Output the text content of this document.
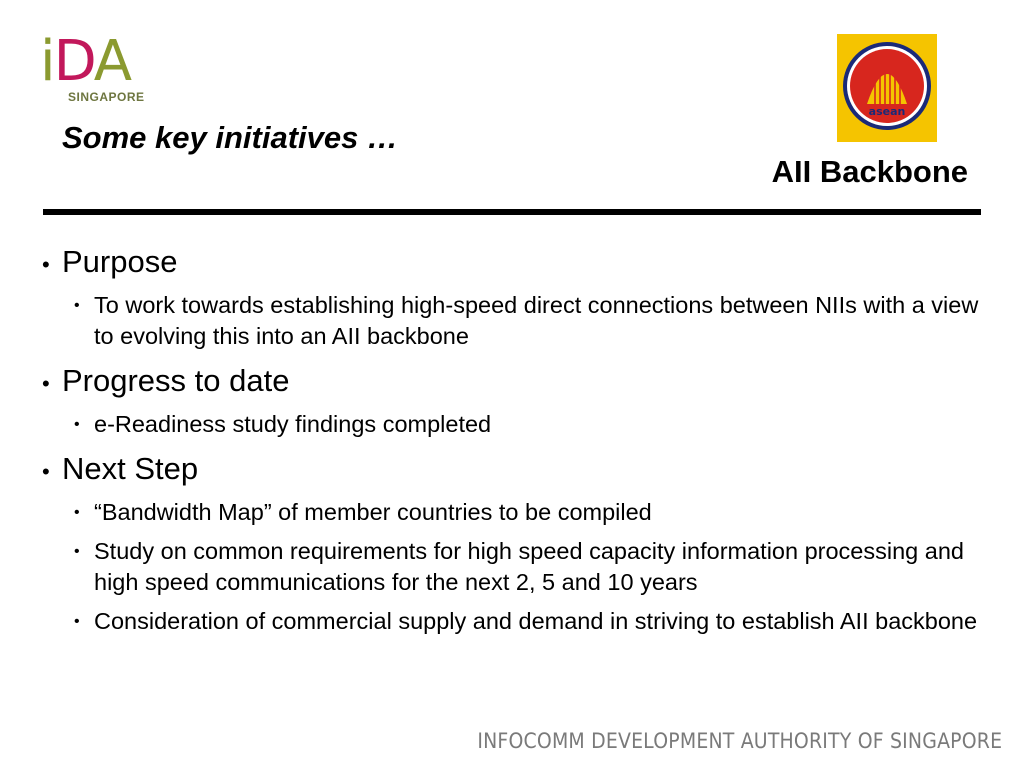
iDA
SINGAPORE
Some key initiatives …
asean
AII Backbone
• Purpose
• To work towards establishing high-speed direct connections between NIIs with a view to evolving this into an AII backbone
• Progress to date
• e-Readiness study findings completed
• Next Step
• “Bandwidth Map” of member countries to be compiled
• Study on common requirements for high speed capacity information processing and high speed communications for the next 2, 5 and 10 years
• Consideration of commercial supply and demand in striving to establish AII backbone
INFOCOMM DEVELOPMENT AUTHORITY OF SINGAPORE
